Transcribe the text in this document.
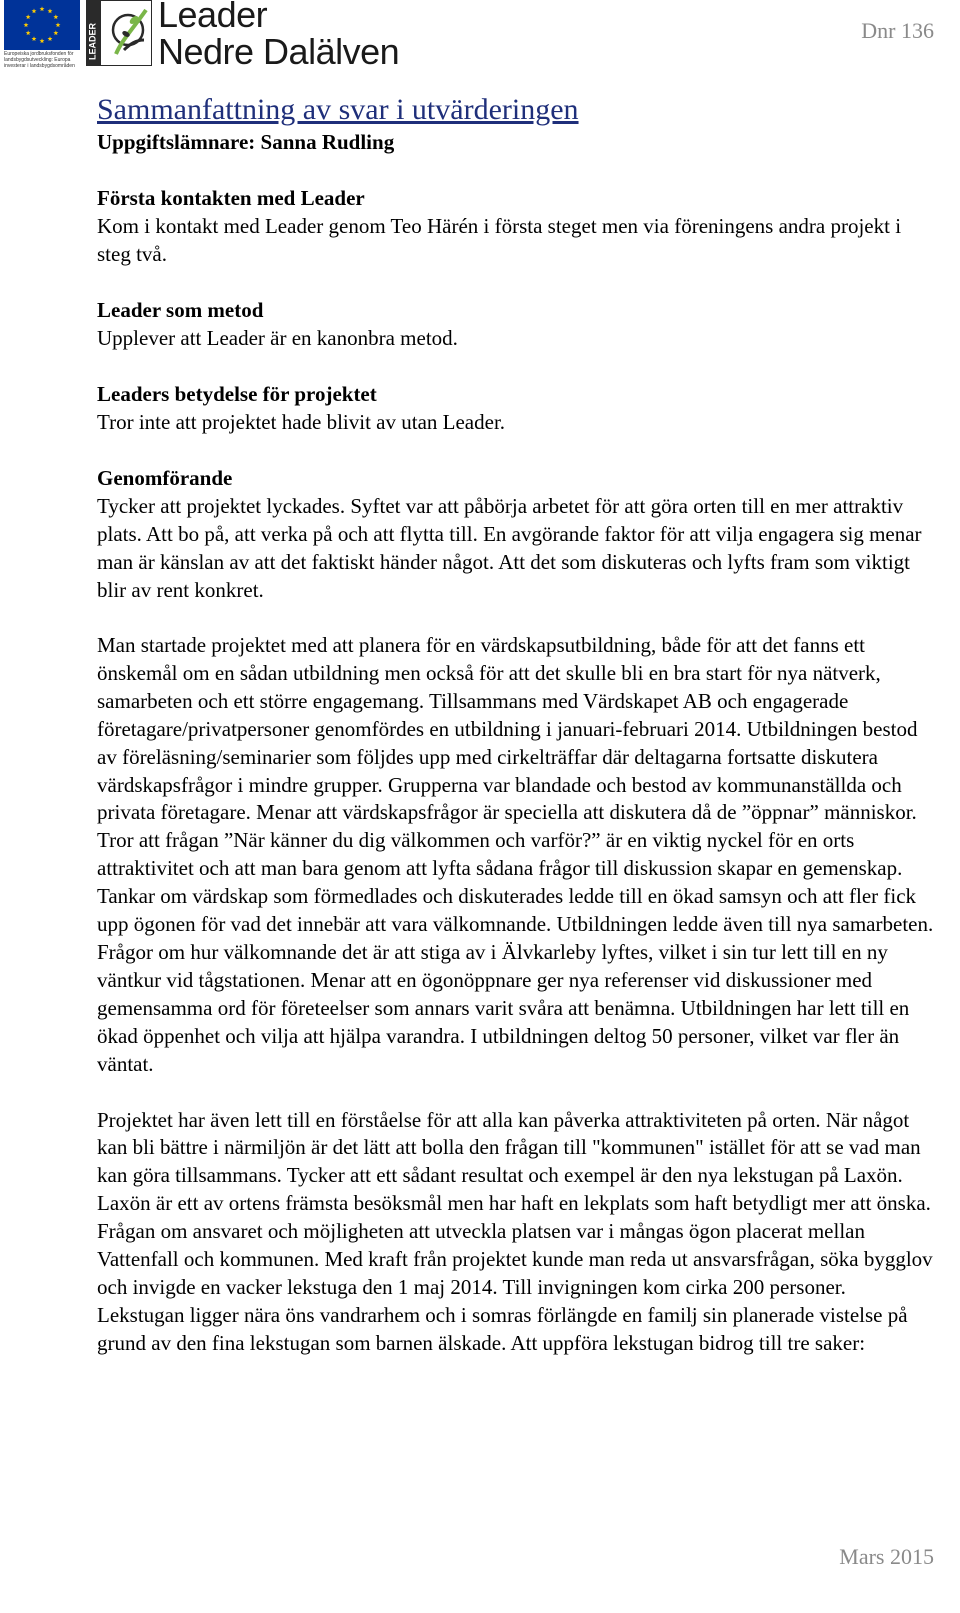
Europeiska jordbruksfonden för
landsbygdsutveckling: Europa
investerar i landsbygdsområden
LEADER
Leader
Nedre Dalälven
Dnr 136
Sammanfattning av svar i utvärderingen
Uppgiftslämnare: Sanna Rudling
Första kontakten med Leader

Kom i kontakt med Leader genom Teo Härén i första steget men via föreningens andra projekt i steg två.

Leader som metod

Upplever att Leader är en kanonbra metod.

Leaders betydelse för projektet

Tror inte att projektet hade blivit av utan Leader.

Genomförande

Tycker att projektet lyckades. Syftet var att påbörja arbetet för att göra orten till en mer attraktiv plats. Att bo på, att verka på och att flytta till. En avgörande faktor för att vilja engagera sig menar man är känslan av att det faktiskt händer något. Att det som diskuteras och lyfts fram som viktigt blir av rent konkret.

Man startade projektet med att planera för en värdskapsutbildning, både för att det fanns ett önskemål om en sådan utbildning men också för att det skulle bli en bra start för nya nätverk, samarbeten och ett större engagemang. Tillsammans med Värdskapet AB och engagerade företagare/privatpersoner genomfördes en utbildning i januari-februari 2014. Utbildningen bestod av föreläsning/seminarier som följdes upp med cirkelträffar där deltagarna fortsatte diskutera värdskapsfrågor i mindre grupper. Grupperna var blandade och bestod av kommunanställda och privata företagare. Menar att värdskapsfrågor är speciella att diskutera då de ”öppnar” människor. Tror att frågan ”När känner du dig välkommen och varför?” är en viktig nyckel för en orts attraktivitet och att man bara genom att lyfta sådana frågor till diskussion skapar en gemenskap. Tankar om värdskap som förmedlades och diskuterades ledde till en ökad samsyn och att fler fick upp ögonen för vad det innebär att vara välkomnande. Utbildningen ledde även till nya samarbeten. Frågor om hur välkomnande det är att stiga av i Älvkarleby lyftes, vilket i sin tur lett till en ny väntkur vid tågstationen. Menar att en ögonöppnare ger nya referenser vid diskussioner med gemensamma ord för företeelser som annars varit svåra att benämna. Utbildningen har lett till en ökad öppenhet och vilja att hjälpa varandra. I utbildningen deltog 50 personer, vilket var fler än väntat.

Projektet har även lett till en förståelse för att alla kan påverka attraktiviteten på orten. När något kan bli bättre i närmiljön är det lätt att bolla den frågan till "kommunen" istället för att se vad man kan göra tillsammans. Tycker att ett sådant resultat och exempel är den nya lekstugan på Laxön. Laxön är ett av ortens främsta besöksmål men har haft en lekplats som haft betydligt mer att önska. Frågan om ansvaret och möjligheten att utveckla platsen var i mångas ögon placerat mellan Vattenfall och kommunen. Med kraft från projektet kunde man reda ut ansvarsfrågan, söka bygglov och invigde en vacker lekstuga den 1 maj 2014. Till invigningen kom cirka 200 personer. Lekstugan ligger nära öns vandrarhem och i somras förlängde en familj sin planerade vistelse på grund av den fina lekstugan som barnen älskade. Att uppföra lekstugan bidrog till tre saker:

Mars 2015
